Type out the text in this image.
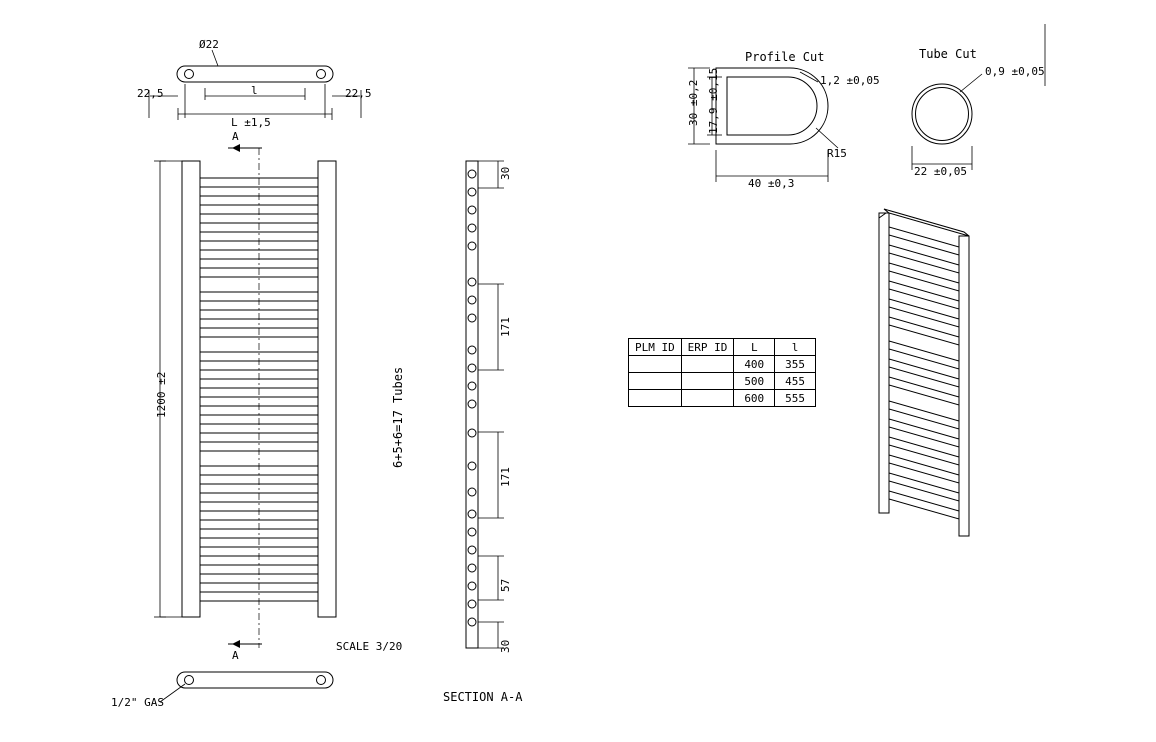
Ø22
22,5	22,5
l
L ±1,5
1200 ±2
A
A
6+5+6=17 Tubes
SCALE 3/20
30
171
171
57
30
SECTION A-A
1/2" GAS
Profile Cut
30 ±0,2 17,9 ±0,15	1,2 ±0,05
R15
40 ±0,3
Tube Cut
0,9 ±0,05
22 ±0,05
PLM ID	ERP ID	L	l
		400	355
		500	455
		600	555
